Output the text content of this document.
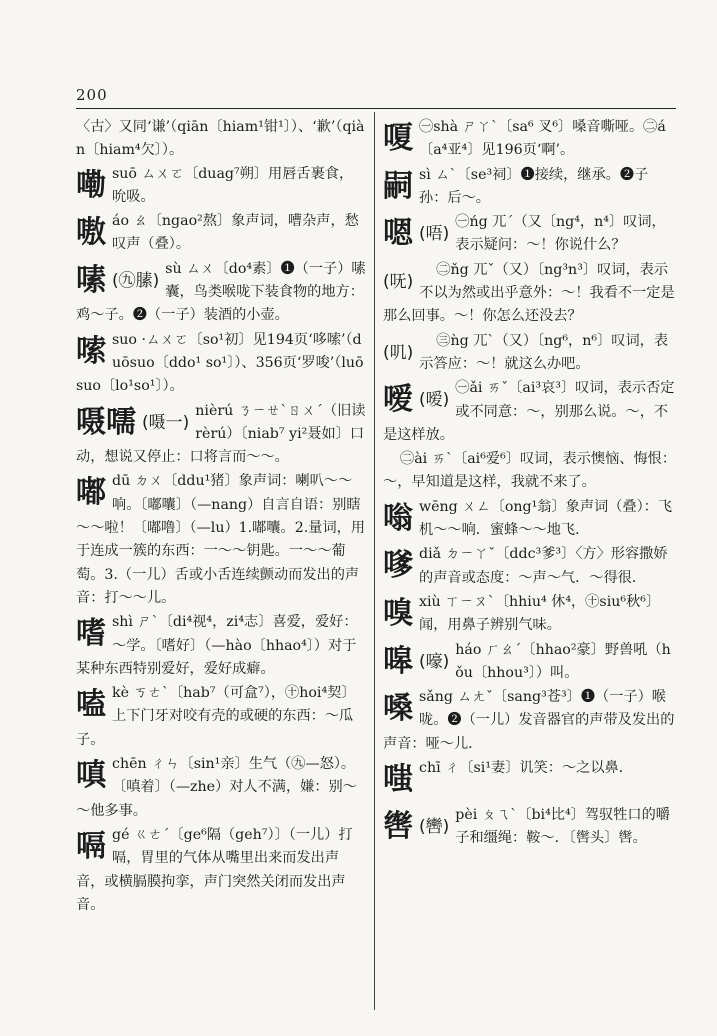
200
〈古〉又同‘谦’（qiān〔hiam¹钳¹〕）、‘歉’（qiàn〔hiam⁴欠〕）。
嘞suō ㄙㄨㄛ〔duag⁷朔〕用唇舌裹食，吮吸。
嗷áo ㄠ〔ngao²熬〕象声词，嘈杂声，愁叹声（叠）。
嗉 (㊈膆)
sù ㄙㄨ〔do⁴素〕❶（一子）嗉囊，鸟类喉咙下装食物的地方：鸡～子。❷（一子）装酒的小壶。
嗦suo ·ㄙㄨㄛ〔so¹初〕见194页‘哆嗦’（duōsuo〔ddo¹ so¹〕）、356页‘罗唆’（luōsuo〔lo¹so¹〕）。
嗫嚅 (嗫一)
nièrú ㄋㄧㄝˋㄖㄨˊ（旧读rèrú）〔niab⁷ yi²聂如〕口动，想说又停止：口将言而～～。
嘟dū ㄉㄨ〔ddu¹猪〕象声词：喇叭～～响。〔嘟囔〕（—nang）自言自语：别瞎～～啦！〔嘟噜〕（—lu）1.嘟囔。2.量词，用于连成一簇的东西：一～～钥匙。一～～葡萄。3.（一儿）舌或小舌连续颤动而发出的声音：打～～儿。
嗜shì ㄕˋ〔di⁴视⁴，zi⁴志〕喜爱，爱好：～学。〔嗜好〕（—hào〔hhao⁴〕）对于某种东西特别爱好，爱好成癖。
嗑kè ㄎㄜˋ〔hab⁷（可盒⁷），㊉hoi⁴契〕上下门牙对咬有壳的或硬的东西：～瓜子。
嗔chēn ㄔㄣ〔sin¹亲〕生气（㊈—怒）。〔嗔着〕（—zhe）对人不满，嫌：别～～他多事。
嗝gé ㄍㄜˊ〔ge⁶隔（geh⁷）〕（一儿）打嗝，胃里的气体从嘴里出来而发出声音，或横膈膜拘挛，声门突然关闭而发出声音。
嗄 ㊀shà ㄕㄚˋ〔sa⁶ 叉⁶〕嗓音嘶哑。㊁á〔a⁴亚⁴〕见196页‘啊’。
嗣sì ㄙˋ〔se³祠〕❶接续，继承。❷子孙：后～。
嗯 (唔)
㊀ńg ㄫˊ（又〔ng⁴，n⁴〕叹词，表示疑问：～！你说什么？
(呒)
㊁ňg ㄫˇ（又）〔ng³n³〕叹词，表示不以为然或出乎意外：～！我看不一定是那么回事。～！你怎么还没去？
(叽)
㊂ǹg ㄫˋ（又）〔ng⁶，n⁶〕叹词，表示答应：～！就这么办吧。
嗳 (嗳)
㊀ǎi ㄞˇ〔ai³哀³〕叹词，表示否定或不同意：～，别那么说。～，不是这样放。
㊁ài ㄞˋ〔ai⁶爱⁶〕叹词，表示懊恼、悔恨：～，早知道是这样，我就不来了。
嗡wēng ㄨㄥ〔ong¹翁〕象声词（叠）：飞机～～响．蜜蜂～～地飞．
嗲diǎ ㄉㄧㄚˇ〔ddc³爹³〕〈方〉形容撒娇的声音或态度：～声～气．～得很．
嗅xiù ㄒㄧㄡˋ〔hhiu⁴ 休⁴，㊉siu⁶秋⁶〕闻，用鼻子辨别气味。
嗥 (嚎)
háo ㄏㄠˊ〔hhao²豪〕野兽吼（hǒu〔hhou³〕）叫。
嗓sǎng ㄙㄤˇ〔sang³苍³〕❶（一子）喉咙。❷（一儿）发音器官的声带及发出的声音：哑～儿．
嗤chī ㄔ〔si¹妻〕讥笑：～之以鼻．
辔 (轡)
pèi ㄆㄟˋ〔bi⁴比⁴〕驾驭牲口的嚼子和缰绳：鞍～．〔辔头〕辔。
